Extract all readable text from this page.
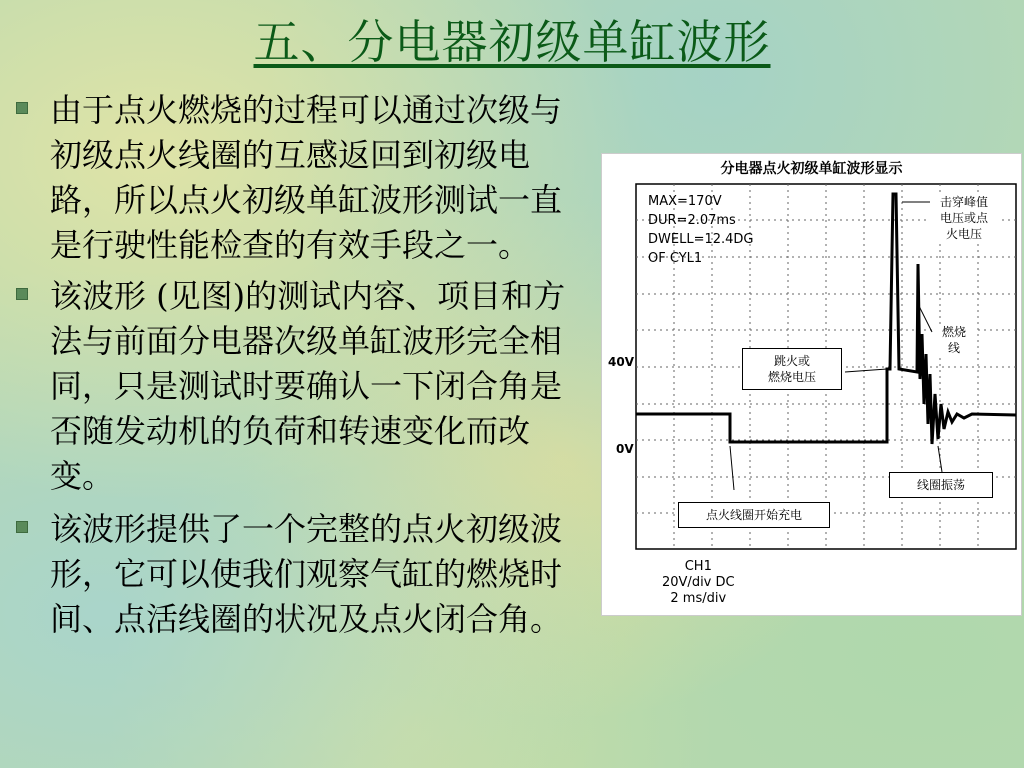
五、分电器初级单缸波形
由于点火燃烧的过程可以通过次级与初级点火线圈的互感返回到初级电路，所以点火初级单缸波形测试一直是行驶性能检查的有效手段之一。
该波形 (见图)的测试内容、项目和方法与前面分电器次级单缸波形完全相同，只是测试时要确认一下闭合角是否随发动机的负荷和转速变化而改变。
该波形提供了一个完整的点火初级波形，它可以使我们观察气缸的燃烧时间、点活线圈的状况及点火闭合角。
分电器点火初级单缸波形显示
MAX=170V
DUR=2.07ms
DWELL=12.4DG
OF CYL1
击穿峰值
电压或点
火电压
燃烧
线
跳火或
燃烧电压
线圈振荡
点火线圈开始充电
40V
0V
CH1
20V/div DC
2 ms/div
